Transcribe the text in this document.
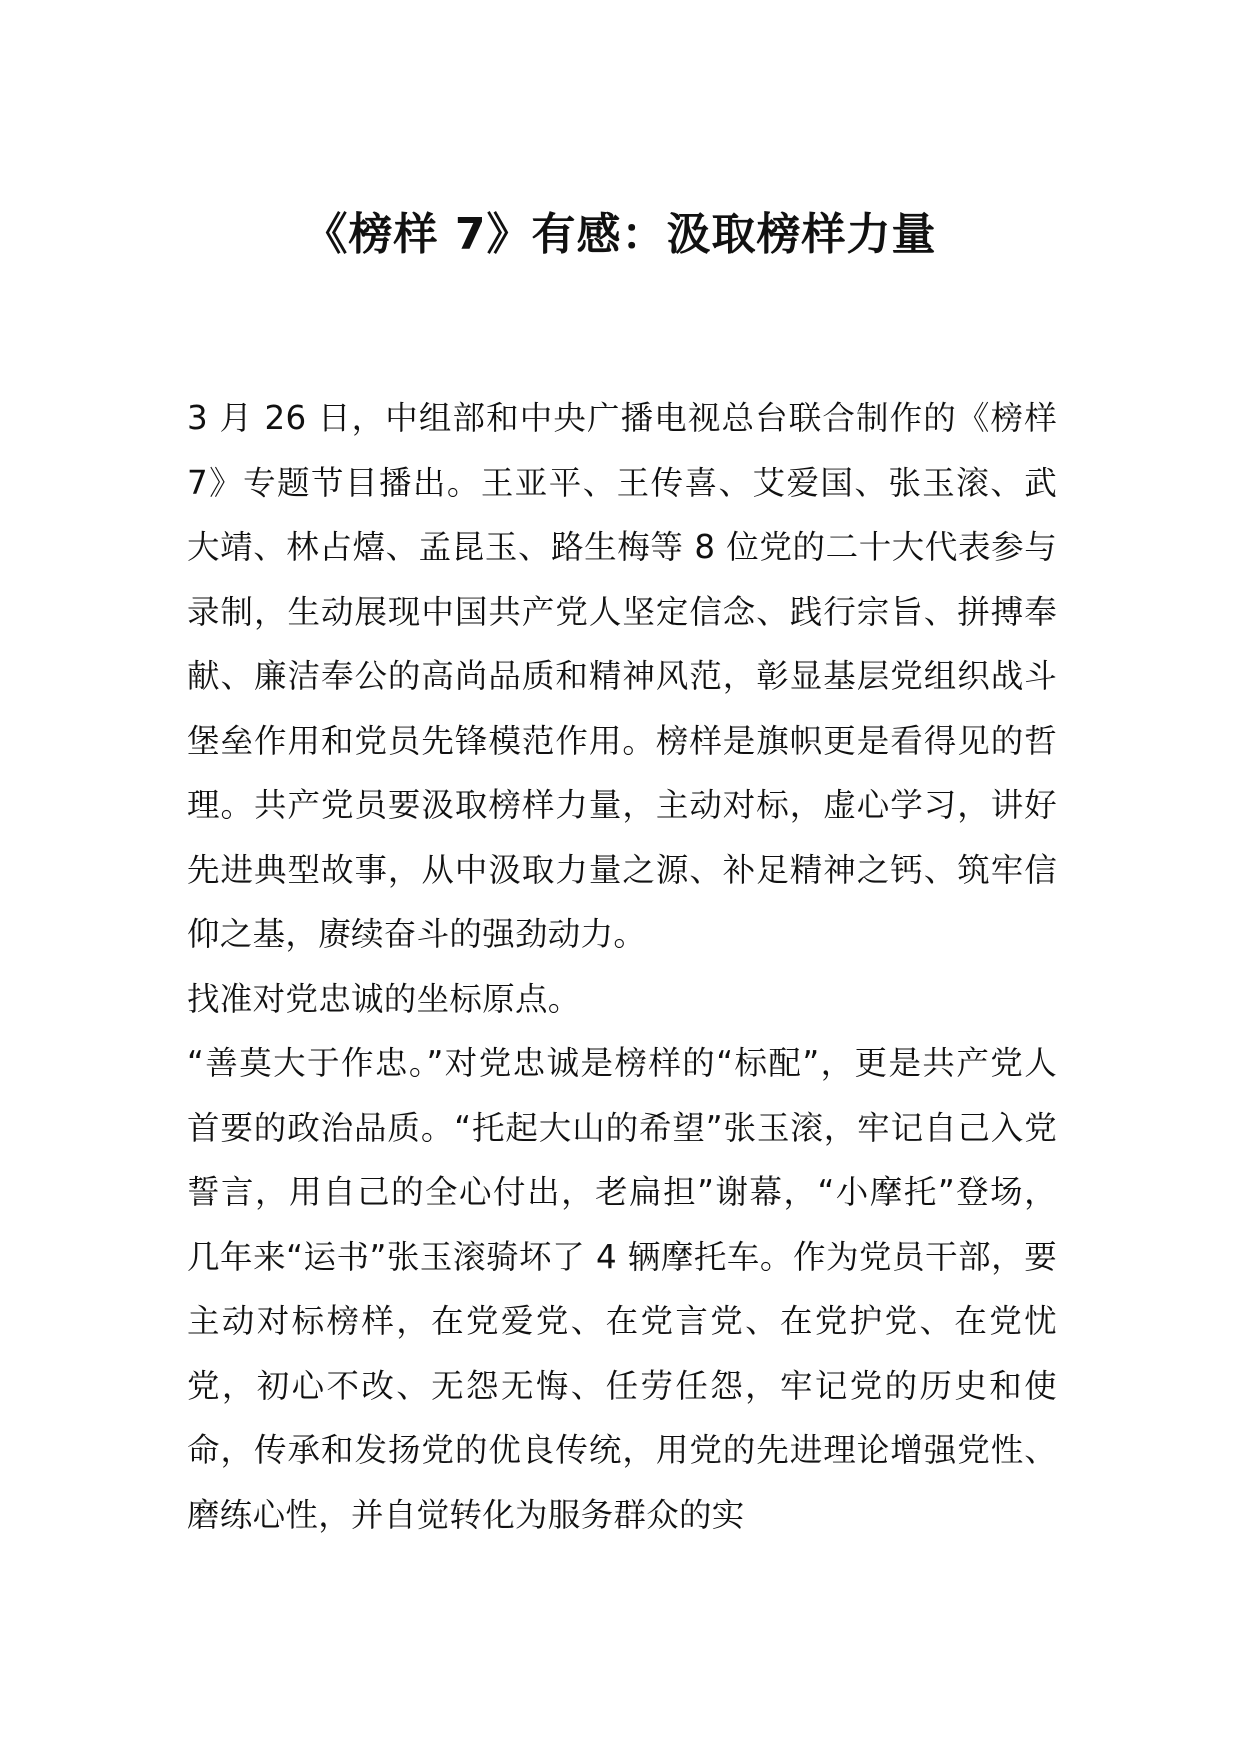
《榜样 7》有感：汲取榜样力量

3 月 26 日，中组部和中央广播电视总台联合制作的《榜样 7》专题节目播出。王亚平、王传喜、艾爱国、张玉滚、武大靖、林占熺、孟昆玉、路生梅等 8 位党的二十大代表参与录制，生动展现中国共产党人坚定信念、践行宗旨、拼搏奉献、廉洁奉公的高尚品质和精神风范，彰显基层党组织战斗堡垒作用和党员先锋模范作用。榜样是旗帜更是看得见的哲理。共产党员要汲取榜样力量，主动对标，虚心学习，讲好先进典型故事，从中汲取力量之源、补足精神之钙、筑牢信仰之基，赓续奋斗的强劲动力。

找准对党忠诚的坐标原点。

“善莫大于作忠。”对党忠诚是榜样的“标配”，更是共产党人首要的政治品质。“托起大山的希望”张玉滚，牢记自己入党誓言，用自己的全心付出，老扁担”谢幕，“小摩托”登场，几年来“运书”张玉滚骑坏了 4 辆摩托车。作为党员干部，要主动对标榜样，在党爱党、在党言党、在党护党、在党忧党，初心不改、无怨无悔、任劳任怨，牢记党的历史和使命，传承和发扬党的优良传统，用党的先进理论增强党性、磨练心性，并自觉转化为服务群众的实
